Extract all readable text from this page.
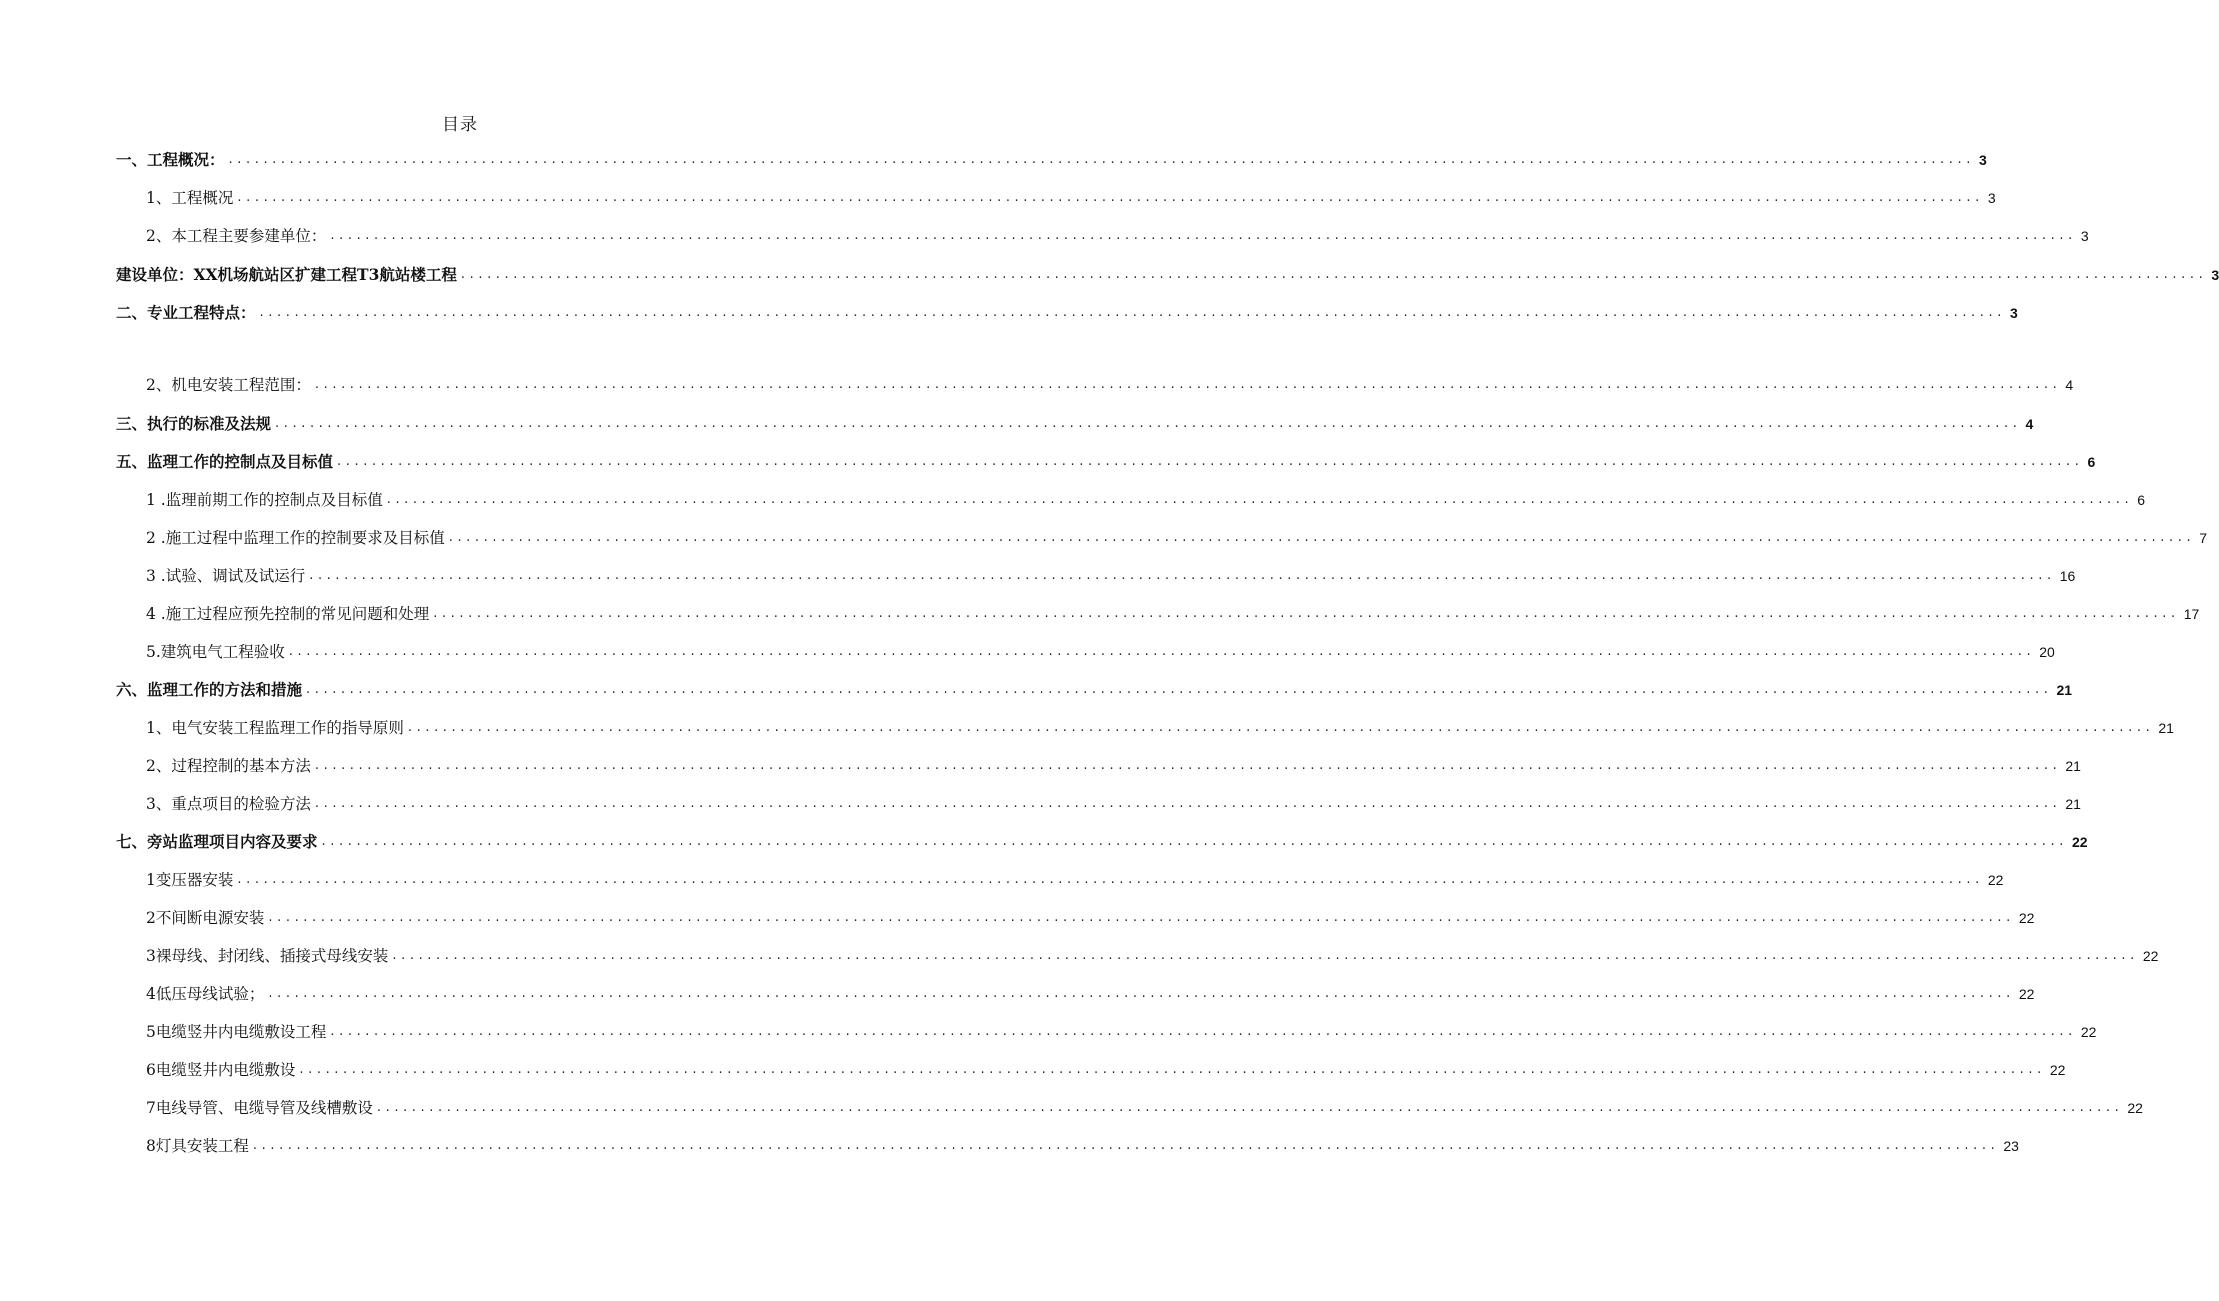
目录
一、工程概况： ........................................................................................................................................................................................................ 3
1、工程概况 ........................................................................................................................................................................................................ 3
2、本工程主要参建单位： ........................................................................................................................................................................................................ 3
建设单位：XX机场航站区扩建工程T3航站楼工程 ........................................................................................................................................................................................................ 3
二、专业工程特点： ........................................................................................................................................................................................................ 3
2、机电安装工程范围： ........................................................................................................................................................................................................ 4
三、执行的标准及法规 ........................................................................................................................................................................................................ 4
五、监理工作的控制点及目标值 ........................................................................................................................................................................................................ 6
1 .监理前期工作的控制点及目标值 ........................................................................................................................................................................................................ 6
2 .施工过程中监理工作的控制要求及目标值 ........................................................................................................................................................................................................ 7
3 .试验、调试及试运行 ........................................................................................................................................................................................................ 16
4 .施工过程应预先控制的常见问题和处理 ........................................................................................................................................................................................................ 17
5.建筑电气工程验收 ........................................................................................................................................................................................................ 20
六、监理工作的方法和措施 ........................................................................................................................................................................................................ 21
1、电气安装工程监理工作的指导原则 ........................................................................................................................................................................................................ 21
2、过程控制的基本方法 ........................................................................................................................................................................................................ 21
3、重点项目的检验方法 ........................................................................................................................................................................................................ 21
七、旁站监理项目内容及要求 ........................................................................................................................................................................................................ 22
1变压器安装 ........................................................................................................................................................................................................ 22
2不间断电源安装 ........................................................................................................................................................................................................ 22
3裸母线、封闭线、插接式母线安装 ........................................................................................................................................................................................................ 22
4低压母线试验； ........................................................................................................................................................................................................ 22
5电缆竖井内电缆敷设工程 ........................................................................................................................................................................................................ 22
6电缆竖井内电缆敷设 ........................................................................................................................................................................................................ 22
7电线导管、电缆导管及线槽敷设 ........................................................................................................................................................................................................ 22
8灯具安装工程 ........................................................................................................................................................................................................ 23
